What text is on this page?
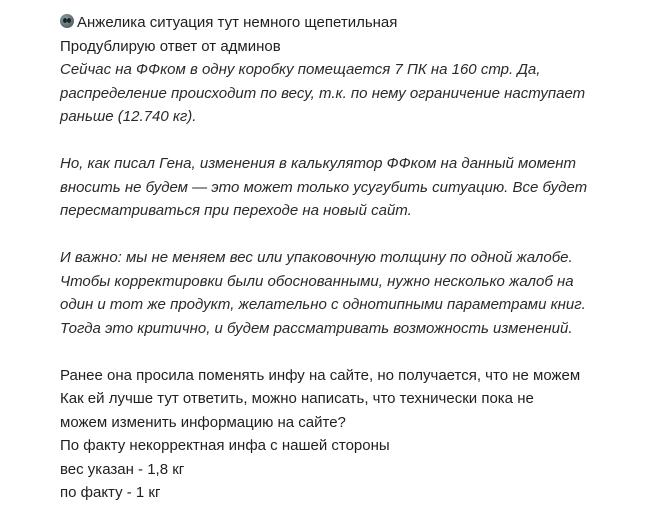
Анжелика ситуация тут немного щепетильная
Продублирую ответ от админов
Сейчас на ФФком в одну коробку помещается 7 ПК на 160 стр. Да,
распределение происходит по весу, т.к. по нему ограничение наступает
раньше (12.740 кг).
Но, как писал Гена, изменения в калькулятор ФФком на данный момент
вносить не будем — это может только усугубить ситуацию. Все будет
пересматриваться при переходе на новый сайт.
И важно: мы не меняем вес или упаковочную толщину по одной жалобе.
Чтобы корректировки были обоснованными, нужно несколько жалоб на
один и тот же продукт, желательно с однотипными параметрами книг.
Тогда это критично, и будем рассматривать возможность изменений.
Ранее она просила поменять инфу на сайте, но получается, что не можем
Как ей лучше тут ответить, можно написать, что технически пока не
можем изменить информацию на сайте?
По факту некорректная инфа с нашей стороны
вес указан - 1,8 кг
по факту - 1 кг
